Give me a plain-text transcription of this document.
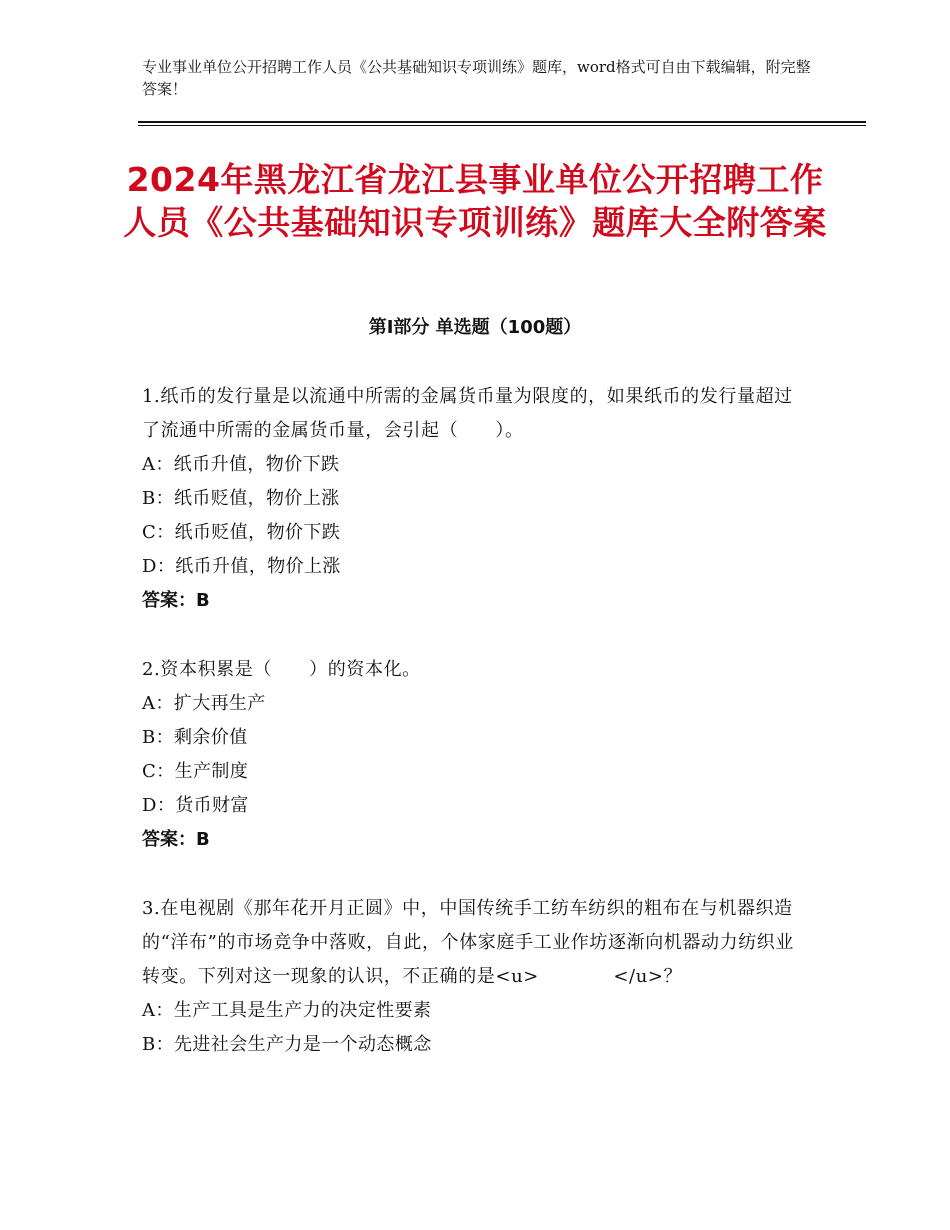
专业事业单位公开招聘工作人员《公共基础知识专项训练》题库，word格式可自由下载编辑，附完整答案！
2024年黑龙江省龙江县事业单位公开招聘工作人员《公共基础知识专项训练》题库大全附答案
第Ⅰ部分 单选题（100题）
1.纸币的发行量是以流通中所需的金属货币量为限度的，如果纸币的发行量超过了流通中所需的金属货币量，会引起（　　）。
A：纸币升值，物价下跌
B：纸币贬值，物价上涨
C：纸币贬值，物价下跌
D：纸币升值，物价上涨
答案：B
2.资本积累是（　　）的资本化。
A：扩大再生产
B：剩余价值
C：生产制度
D：货币财富
答案：B
3.在电视剧《那年花开月正圆》中，中国传统手工纺车纺织的粗布在与机器织造的“洋布”的市场竞争中落败，自此，个体家庭手工业作坊逐渐向机器动力纺织业转变。下列对这一现象的认识，不正确的是<u>　　　　</u>？
A：生产工具是生产力的决定性要素
B：先进社会生产力是一个动态概念
